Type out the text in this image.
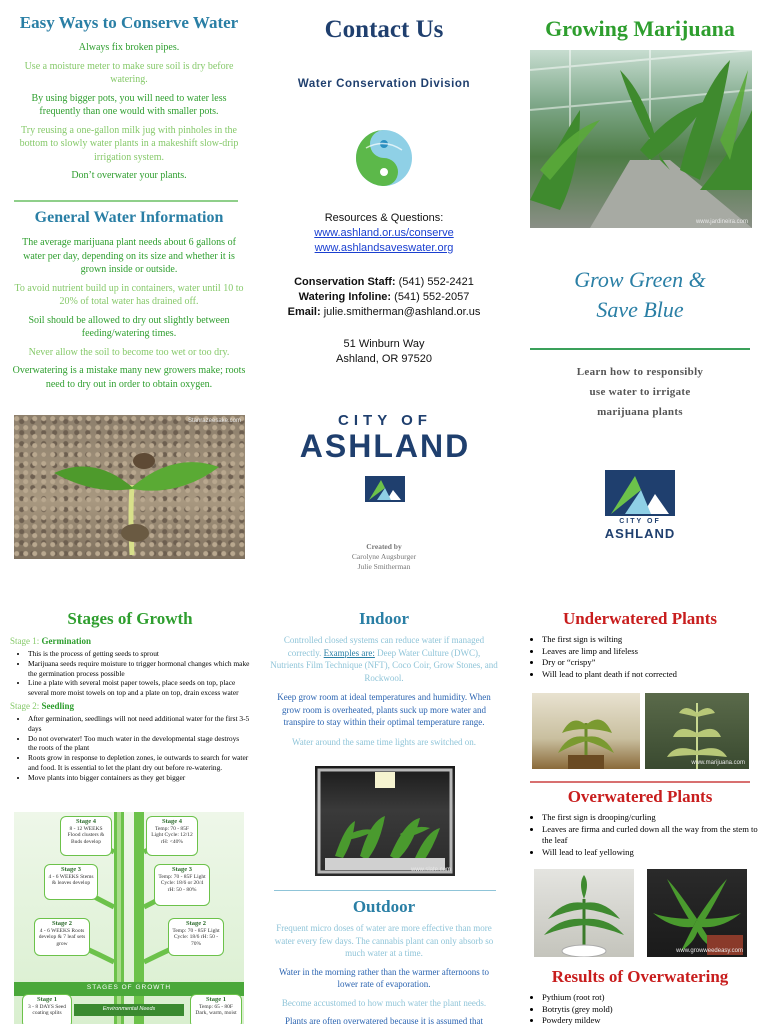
Easy Ways to Conserve Water

Always fix broken pipes.

Use a moisture meter to make sure soil is dry before watering.

By using bigger pots, you will need to water less frequently than one would with smaller pots.

Try reusing a one-gallon milk jug with pinholes in the bottom to slowly water plants in a makeshift slow-drip irrigation system.

Don’t overwater your plants.

General Water Information

The average marijuana plant needs about 6 gallons of water per day, depending on its size and whether it is grown inside or outside.

To avoid nutrient build up in containers, water until 10 to 20% of total water has drained off.

Soil should be allowed to dry out slightly between feeding/watering times.

Never allow the soil to become too wet or too dry.

Overwatering is a mistake many new growers make; roots need to dry out in order to obtain oxygen.

Stanrazeesake.com
Contact Us
Water Conservation Division
Resources & Questions:
www.ashland.or.us/conserve
www.ashlandsaveswater.org
Conservation Staff: (541) 552-2421
Watering Infoline: (541) 552-2057
Email: julie.smitherman@ashland.or.us
51 Winburn Way
Ashland, OR 97520
CITY OF
ASHLAND
Created by
Carolyne Augsburger
Julie Smitherman
Growing Marijuana
www.jardineira.com
Grow Green &
Save Blue
Learn how to responsibly
use water to irrigate
marijuana plants
CITY OF
ASHLAND
Stages of Growth
Stage 1: Germination
• This is the process of getting seeds to sprout
• Marijuana seeds require moisture to trigger hormonal changes which make the germination process possible
• Line a plate with several moist paper towels, place seeds on top, place several more moist towels on top and a plate on top, drain excess water
Stage 2: Seedling
• After germination, seedlings will not need additional water for the first 3-5 days
• Do not overwater! Too much water in the developmental stage destroys the roots of the plant
• Roots grow in response to depletion zones, ie outwards to search for water and food. It is essential to let the plant dry out before re-watering.
• Move plants into bigger containers as they get bigger
Stage 4
8 - 12 WEEKS Flood clusters & Buds develop
Stage 4
Temp: 70 - 85F Light Cycle: 12/12 rH: <40%
Stage 3
4 - 6 WEEKS Stems & leaves develop
Stage 3
Temp: 70 - 85F Light Cycle: 18/6 or 20/4 rH: 50 - 80%
Stage 2
4 - 6 WEEKS Roots develop & 7 leaf sets grow
Stage 2
Temp: 70 - 85F Light Cycle: 18/6 rH: 50 - 70%
STAGES OF GROWTH
Stage 1
3 - 8 DAYS Seed coating splits
Environmental Needs
Stage 1
Temp: 65 - 80F Dark, warm, moist
Indoor

Controlled closed systems can reduce water if managed correctly. Examples are: Deep Water Culture (DWC), Nutrients Film Technique (NFT), Coco Coir, Grow Stones, and Rockwool.

Keep grow room at ideal temperatures and humidity. When grow room is overheated, plants suck up more water and transpire to stay within their optimal temperature range.

Water around the same time lights are switched on.

www.slate.com
Outdoor

Frequent micro doses of water are more effective than more water every few days. The cannabis plant can only absorb so much water at a time.

Water in the morning rather than the warmer afternoons to lower rate of evaporation.

Become accustomed to how much water the plant needs.

Plants are often overwatered because it is assumed that

Underwatered Plants
• The first sign is wilting
• Leaves are limp and lifeless
• Dry or “crispy”
• Will lead to plant death if not corrected
www.marijuana.com
Overwatered Plants
• The first sign is drooping/curling
• Leaves are firma and curled down all the way from the stem to the leaf
• Will lead to leaf yellowing
www.growweedeasy.com
Results of Overwatering
• Pythium (root rot)
• Botrytis (grey mold)
• Powdery mildew
